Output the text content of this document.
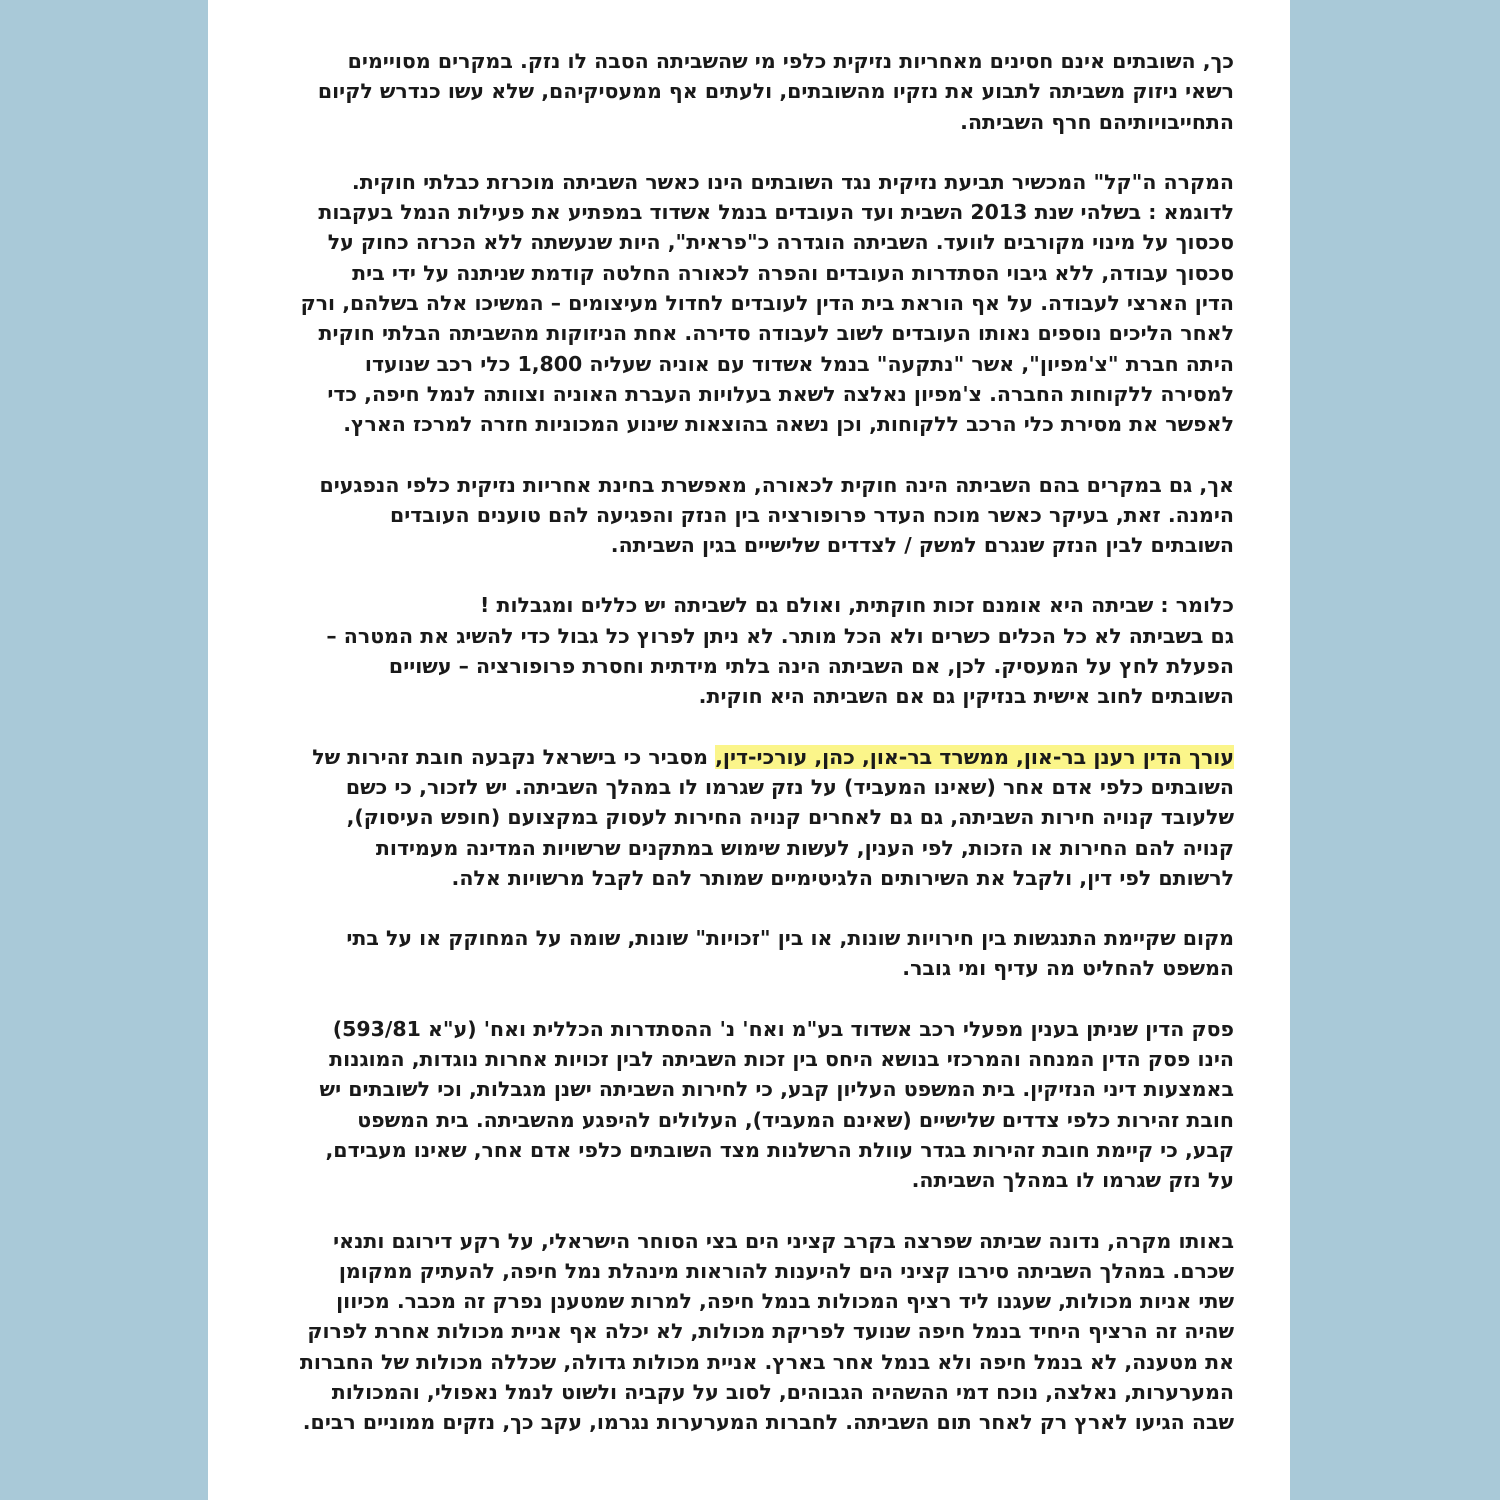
כך, השובתים אינם חסינים מאחריות נזיקית כלפי מי שהשביתה הסבה לו נזק. במקרים מסויימים
רשאי ניזוק משביתה לתבוע את נזקיו מהשובתים, ולעתים אף ממעסיקיהם, שלא עשו כנדרש לקיום
התחייבויותיהם חרף השביתה.
המקרה ה"קל" המכשיר תביעת נזיקית נגד השובתים הינו כאשר השביתה מוכרזת כבלתי חוקית.
לדוגמא : בשלהי שנת 2013 השבית ועד העובדים בנמל אשדוד במפתיע את פעילות הנמל בעקבות
סכסוך על מינוי מקורבים לוועד. השביתה הוגדרה כ"פראית", היות שנעשתה ללא הכרזה כחוק על
סכסוך עבודה, ללא גיבוי הסתדרות העובדים והפרה לכאורה החלטה קודמת שניתנה על ידי בית
הדין הארצי לעבודה. על אף הוראת בית הדין לעובדים לחדול מעיצומים – המשיכו אלה בשלהם, ורק
לאחר הליכים נוספים נאותו העובדים לשוב לעבודה סדירה. אחת הניזוקות מהשביתה הבלתי חוקית
היתה חברת "צ'מפיון", אשר "נתקעה" בנמל אשדוד עם אוניה שעליה 1,800 כלי רכב שנועדו
למסירה ללקוחות החברה. צ'מפיון נאלצה לשאת בעלויות העברת האוניה וצוותה לנמל חיפה, כדי
לאפשר את מסירת כלי הרכב ללקוחות, וכן נשאה בהוצאות שינוע המכוניות חזרה למרכז הארץ.
אך, גם במקרים בהם השביתה הינה חוקית לכאורה, מאפשרת בחינת אחריות נזיקית כלפי הנפגעים
הימנה. זאת, בעיקר כאשר מוכח העדר פרופורציה בין הנזק והפגיעה להם טוענים העובדים
השובתים לבין הנזק שנגרם למשק / לצדדים שלישיים בגין השביתה.
כלומר : שביתה היא אומנם זכות חוקתית, ואולם גם לשביתה יש כללים ומגבלות !
גם בשביתה לא כל הכלים כשרים ולא הכל מותר. לא ניתן לפרוץ כל גבול כדי להשיג את המטרה –
הפעלת לחץ על המעסיק. לכן, אם השביתה הינה בלתי מידתית וחסרת פרופורציה – עשויים
השובתים לחוב אישית בנזיקין גם אם השביתה היא חוקית.
עורך הדין רענן בר-און, ממשרד בר-און, כהן, עורכי-דין, מסביר כי בישראל נקבעה חובת זהירות של
השובתים כלפי אדם אחר (שאינו המעביד) על נזק שגרמו לו במהלך השביתה. יש לזכור, כי כשם
שלעובד קנויה חירות השביתה, גם גם לאחרים קנויה החירות לעסוק במקצועם (חופש העיסוק),
קנויה להם החירות או הזכות, לפי הענין, לעשות שימוש במתקנים שרשויות המדינה מעמידות
לרשותם לפי דין, ולקבל את השירותים הלגיטימיים שמותר להם לקבל מרשויות אלה.
מקום שקיימת התנגשות בין חירויות שונות, או בין "זכויות" שונות, שומה על המחוקק או על בתי
המשפט להחליט מה עדיף ומי גובר.
פסק הדין שניתן בענין מפעלי רכב אשדוד בע"מ ואח' נ' ההסתדרות הכללית ואח' (ע"א 593/81)
הינו פסק הדין המנחה והמרכזי בנושא היחס בין זכות השביתה לבין זכויות אחרות נוגדות, המוגנות
באמצעות דיני הנזיקין. בית המשפט העליון קבע, כי לחירות השביתה ישנן מגבלות, וכי לשובתים יש
חובת זהירות כלפי צדדים שלישיים (שאינם המעביד), העלולים להיפגע מהשביתה. בית המשפט
קבע, כי קיימת חובת זהירות בגדר עוולת הרשלנות מצד השובתים כלפי אדם אחר, שאינו מעבידם,
על נזק שגרמו לו במהלך השביתה.
באותו מקרה, נדונה שביתה שפרצה בקרב קציני הים בצי הסוחר הישראלי, על רקע דירוגם ותנאי
שכרם. במהלך השביתה סירבו קציני הים להיענות להוראות מינהלת נמל חיפה, להעתיק ממקומן
שתי אניות מכולות, שעגנו ליד רציף המכולות בנמל חיפה, למרות שמטענן נפרק זה מכבר. מכיוון
שהיה זה הרציף היחיד בנמל חיפה שנועד לפריקת מכולות, לא יכלה אף אניית מכולות אחרת לפרוק
את מטענה, לא בנמל חיפה ולא בנמל אחר בארץ. אניית מכולות גדולה, שכללה מכולות של החברות
המערערות, נאלצה, נוכח דמי ההשהיה הגבוהים, לסוב על עקביה ולשוט לנמל נאפולי, והמכולות
שבה הגיעו לארץ רק לאחר תום השביתה. לחברות המערערות נגרמו, עקב כך, נזקים ממוניים רבים.
